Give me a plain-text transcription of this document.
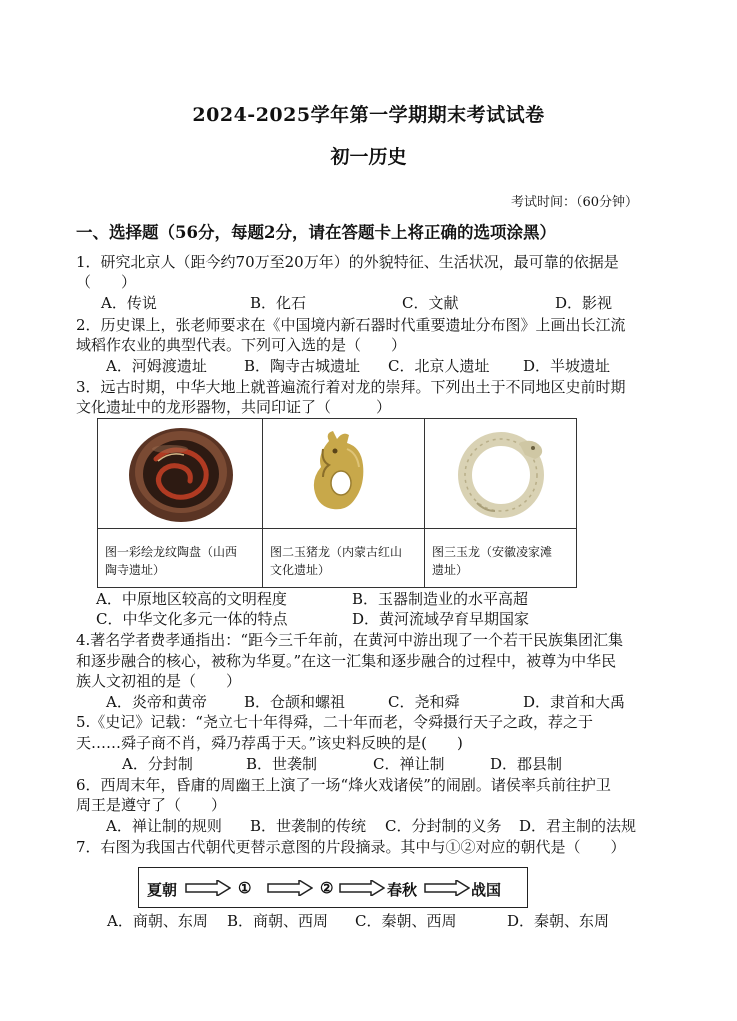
2024-2025学年第一学期期末考试试卷
初一历史
考试时间：（60分钟）
一、选择题（56分，每题2分，请在答题卡上将正确的选项涂黑）
1．研究北京人（距今约70万至20万年）的外貌特征、生活状况，最可靠的依据是
（　　）
A．传说	B．化石	C．文献	D．影视
2．历史课上，张老师要求在《中国境内新石器时代重要遗址分布图》上画出长江流
域稻作农业的典型代表。下列可入选的是（　　）
A．河姆渡遗址 B．陶寺古城遗址 C．北京人遗址 D．半坡遗址
3．远古时期，中华大地上就普遍流行着对龙的崇拜。下列出土于不同地区史前时期
文化遗址中的龙形器物，共同印证了（　　　）
图一彩绘龙纹陶盘（山西
陶寺遗址）
图二玉猪龙（内蒙古红山
文化遗址）
图三玉龙（安徽凌家滩
遗址）
A．中原地区较高的文明程度	B．玉器制造业的水平高超
C．中华文化多元一体的特点	D．黄河流域孕育早期国家
4.著名学者费孝通指出：“距今三千年前，在黄河中游出现了一个若干民族集团汇集
和逐步融合的核心，被称为华夏。”在这一汇集和逐步融合的过程中，被尊为中华民
族人文初祖的是（　　）
A．炎帝和黄帝 B．仓颉和螺祖	C．尧和舜	D．隶首和大禹
5.《史记》记载：“尧立七十年得舜，二十年而老，令舜摄行天子之政，荐之于
天……舜子商不肖，舜乃荐禹于天。”该史料反映的是(　　)
A．分封制	B．世袭制	C．禅让制	D．郡县制
6．西周末年，昏庸的周幽王上演了一场“烽火戏诸侯”的闹剧。诸侯率兵前往护卫
周王是遵守了（　　）
A．禅让制的规则 B．世袭制的传统 C．分封制的义务 D．君主制的法规
7．右图为我国古代朝代更替示意图的片段摘录。其中与①②对应的朝代是（　　）
夏朝	①	②	春秋	战国
A．商朝、东周 B．商朝、西周 C．秦朝、西周	D．秦朝、东周
